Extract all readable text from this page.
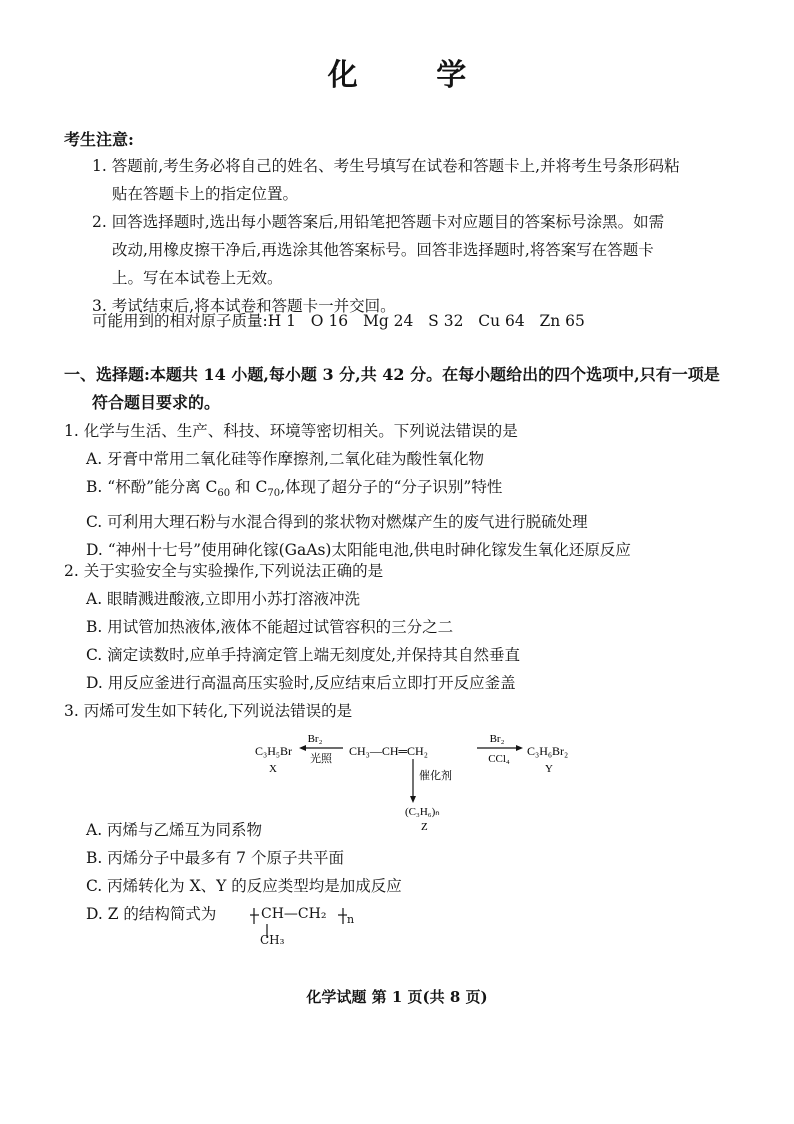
化 学
考生注意:
1. 答题前,考生务必将自己的姓名、考生号填写在试卷和答题卡上,并将考生号条形码粘
贴在答题卡上的指定位置。
2. 回答选择题时,选出每小题答案后,用铅笔把答题卡对应题目的答案标号涂黑。如需
改动,用橡皮擦干净后,再选涂其他答案标号。回答非选择题时,将答案写在答题卡
上。写在本试卷上无效。
3. 考试结束后,将本试卷和答题卡一并交回。
可能用到的相对原子质量:H 1   O 16   Mg 24   S 32   Cu 64   Zn 65
一、选择题:本题共 14 小题,每小题 3 分,共 42 分。在每小题给出的四个选项中,只有一项是
符合题目要求的。
1. 化学与生活、生产、科技、环境等密切相关。下列说法错误的是
A. 牙膏中常用二氧化硅等作摩擦剂,二氧化硅为酸性氧化物
B. “杯酚”能分离 $C_{60}$ 和 $C_{70}$,体现了超分子的“分子识别”特性
C. 可利用大理石粉与水混合得到的浆状物对燃煤产生的废气进行脱硫处理
D. “神州十七号”使用砷化镓(GaAs)太阳能电池,供电时砷化镓发生氧化还原反应
2. 关于实验安全与实验操作,下列说法正确的是
A. 眼睛溅进酸液,立即用小苏打溶液冲洗
B. 用试管加热液体,液体不能超过试管容积的三分之二
C. 滴定读数时,应单手持滴定管上端无刻度处,并保持其自然垂直
D. 用反应釜进行高温高压实验时,反应结束后立即打开反应釜盖
3. 丙烯可发生如下转化,下列说法错误的是
C₃H₅Br
X
Br₂
光照
CH₃—CH═CH₂
Br₂
CCl₄
C₃H₆Br₂
Y
催化剂
(C₃H₆)ₙ
Z
A. 丙烯与乙烯互为同系物
B. 丙烯分子中最多有 7 个原子共平面
C. 丙烯转化为 X、Y 的反应类型均是加成反应
D. Z 的结构简式为	CH—CH₂ n
CH₃
化学试题 第 1 页(共 8 页)
